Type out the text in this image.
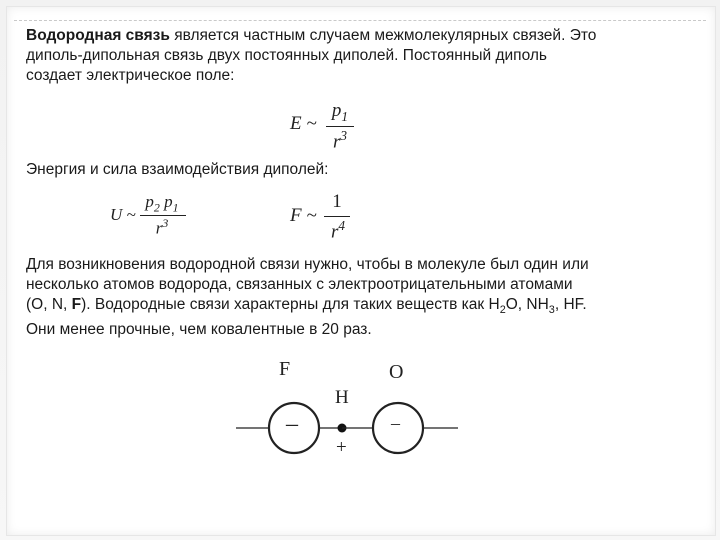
Водородная связь является частным случаем межмолекулярных связей. Это
диполь-дипольная связь двух постоянных диполей. Постоянный диполь
создает электрическое поле:

E ~
$p_1$
$r^3$

Энергия и сила взаимодействия диполей:

U ~
$p_2$ $p_1$
$r^3$	F ~
1
$r^4$

Для возникновения водородной связи нужно, чтобы в молекуле был один или
несколько атомов водорода, связанных с электроотрицательными атомами
(O, N, F). Водородные связи характерны для таких веществ как $H_2O$, $NH_3$, HF.
Они менее прочные, чем ковалентные в 20 раз.

F	O
H
–	–
+
